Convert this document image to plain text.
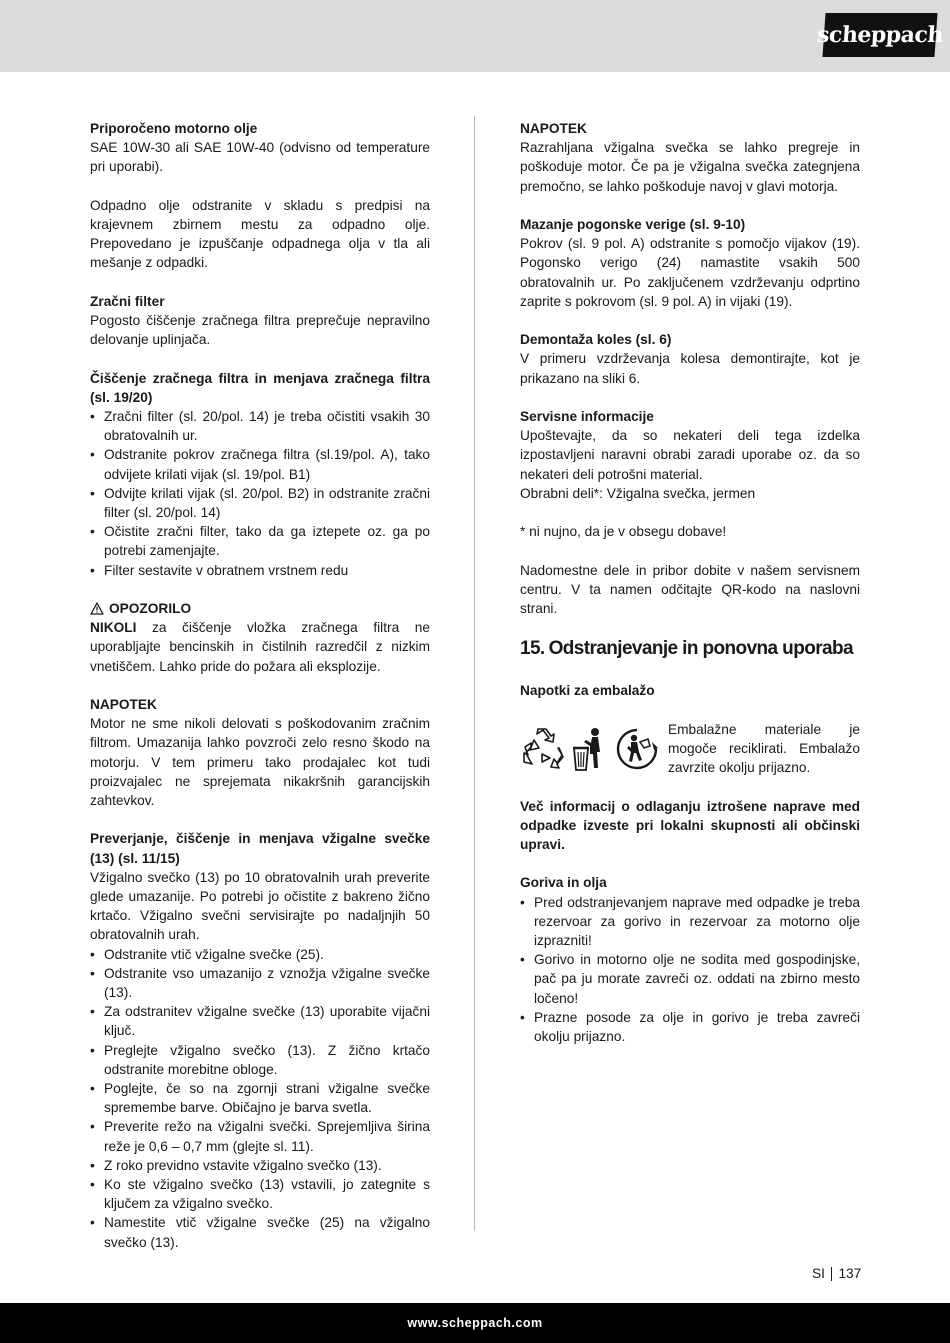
scheppach

Priporočeno motorno olje
SAE 10W-30 ali SAE 10W-40 (odvisno od temperature pri uporabi).

Odpadno olje odstranite v skladu s predpisi na krajevnem zbirnem mestu za odpadno olje. Prepovedano je izpuščanje odpadnega olja v tla ali mešanje z odpadki.

Zračni filter
Pogosto čiščenje zračnega filtra preprečuje nepravilno delovanje uplinjača.

Čiščenje zračnega filtra in menjava zračnega filtra (sl. 19/20)

• Zračni filter (sl. 20/pol. 14) je treba očistiti vsakih 30 obratovalnih ur.
• Odstranite pokrov zračnega filtra (sl.19/pol. A), tako odvijete krilati vijak (sl. 19/pol. B1)
• Odvijte krilati vijak (sl. 20/pol. B2) in odstranite zračni filter (sl. 20/pol. 14)
• Očistite zračni filter, tako da ga iztepete oz. ga po potrebi zamenjajte.
• Filter sestavite v obratnem vrstnem redu
OPOZORILO

NIKOLI za čiščenje vložka zračnega filtra ne uporabljajte bencinskih in čistilnih razredčil z nizkim vnetiščem. Lahko pride do požara ali eksplozije.

NAPOTEK
Motor ne sme nikoli delovati s poškodovanim zračnim filtrom. Umazanija lahko povzroči zelo resno škodo na motorju. V tem primeru tako prodajalec kot tudi proizvajalec ne sprejemata nikakršnih garancijskih zahtevkov.

Preverjanje, čiščenje in menjava vžigalne svečke (13) (sl. 11/15)
Vžigalno svečko (13) po 10 obratovalnih urah preverite glede umazanije. Po potrebi jo očistite z bakreno žično krtačo. Vžigalno svečni servisirajte po nadaljnjih 50 obratovalnih urah.

• Odstranite vtič vžigalne svečke (25).
• Odstranite vso umazanijo z vznožja vžigalne svečke (13).
• Za odstranitev vžigalne svečke (13) uporabite vijačni ključ.
• Preglejte vžigalno svečko (13). Z žično krtačo odstranite morebitne obloge.
• Poglejte, če so na zgornji strani vžigalne svečke spremembe barve. Običajno je barva svetla.
• Preverite režo na vžigalni svečki. Sprejemljiva širina reže je 0,6 – 0,7 mm (glejte sl. 11).
• Z roko previdno vstavite vžigalno svečko (13).
• Ko ste vžigalno svečko (13) vstavili, jo zategnite s ključem za vžigalno svečko.
• Namestite vtič vžigalne svečke (25) na vžigalno svečko (13).

NAPOTEK
Razrahljana vžigalna svečka se lahko pregreje in poškoduje motor. Če pa je vžigalna svečka zategnjena premočno, se lahko poškoduje navoj v glavi motorja.

Mazanje pogonske verige (sl. 9-10)
Pokrov (sl. 9 pol. A) odstranite s pomočjo vijakov (19). Pogonsko verigo (24) namastite vsakih 500 obratovalnih ur. Po zaključenem vzdrževanju odprtino zaprite s pokrovom (sl. 9 pol. A) in vijaki (19).

Demontaža koles (sl. 6)
V primeru vzdrževanja kolesa demontirajte, kot je prikazano na sliki 6.

Servisne informacije
Upoštevajte, da so nekateri deli tega izdelka izpostavljeni naravni obrabi zaradi uporabe oz. da so nekateri deli potrošni material.
Obrabni deli*: Vžigalna svečka, jermen

* ni nujno, da je v obsegu dobave!

Nadomestne dele in pribor dobite v našem servisnem centru. V ta namen odčitajte QR-kodo na naslovni strani.

15. Odstranjevanje in ponovna uporaba

Napotki za embalažo

Embalažne materiale je mogoče reciklirati. Embalažo zavrzite okolju prijazno.

Več informacij o odlaganju iztrošene naprave med odpadke izveste pri lokalni skupnosti ali občinski upravi.

Goriva in olja

• Pred odstranjevanjem naprave med odpadke je treba rezervoar za gorivo in rezervoar za motorno olje izprazniti!
• Gorivo in motorno olje ne sodita med gospodinjske, pač pa ju morate zavreči oz. oddati na zbirno mesto ločeno!
• Prazne posode za olje in gorivo je treba zavreči okolju prijazno.
SI 137
www.scheppach.com
